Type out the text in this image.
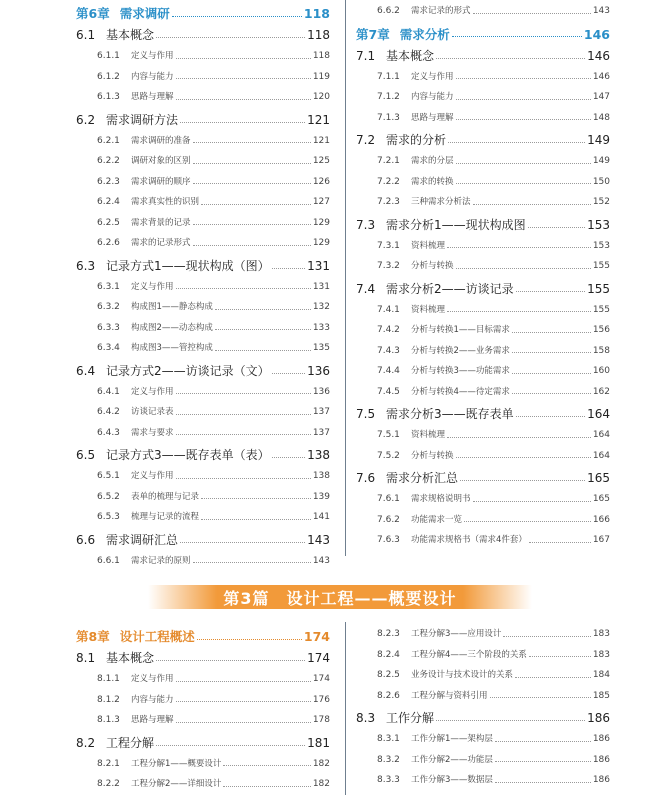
第6章 需求调研	118
6.1 基本概念	118
6.1.1	定义与作用	118
6.1.2	内容与能力	119
6.1.3	思路与理解	120
6.2 需求调研方法	121
6.2.1	需求调研的准备	121
6.2.2	调研对象的区别	125
6.2.3	需求调研的顺序	126
6.2.4	需求真实性的识别	127
6.2.5	需求背景的记录	129
6.2.6	需求的记录形式	129
6.3 记录方式1——现状构成（图）	131
6.3.1	定义与作用	131
6.3.2	构成图1——静态构成	132
6.3.3	构成图2——动态构成	133
6.3.4	构成图3——管控构成	135
6.4 记录方式2——访谈记录（文）	136
6.4.1	定义与作用	136
6.4.2	访谈记录表	137
6.4.3	需求与要求	137
6.5 记录方式3——既存表单（表）	138
6.5.1	定义与作用	138
6.5.2	表单的梳理与记录	139
6.5.3	梳理与记录的流程	141
6.6 需求调研汇总	143
6.6.1	需求记录的原则	143
6.6.2	需求记录的形式	143
第7章 需求分析	146
7.1 基本概念	146
7.1.1	定义与作用	146
7.1.2	内容与能力	147
7.1.3	思路与理解	148
7.2 需求的分析	149
7.2.1	需求的分层	149
7.2.2	需求的转换	150
7.2.3	三种需求分析法	152
7.3 需求分析1——现状构成图	153
7.3.1	资料梳理	153
7.3.2	分析与转换	155
7.4 需求分析2——访谈记录	155
7.4.1	资料梳理	155
7.4.2	分析与转换1——目标需求	156
7.4.3	分析与转换2——业务需求	158
7.4.4	分析与转换3——功能需求	160
7.4.5	分析与转换4——待定需求	162
7.5 需求分析3——既存表单	164
7.5.1	资料梳理	164
7.5.2	分析与转换	164
7.6 需求分析汇总	165
7.6.1	需求规格说明书	165
7.6.2	功能需求一览	166
7.6.3	功能需求规格书（需求4件套）	167
第3篇　设计工程——概要设计
第8章 设计工程概述	174
8.1 基本概念	174
8.1.1	定义与作用	174
8.1.2	内容与能力	176
8.1.3	思路与理解	178
8.2 工程分解	181
8.2.1	工程分解1——概要设计	182
8.2.2	工程分解2——详细设计	182
8.2.3	工程分解3——应用设计	183
8.2.4	工程分解4——三个阶段的关系	183
8.2.5	业务设计与技术设计的关系	184
8.2.6	工程分解与资料引用	185
8.3 工作分解	186
8.3.1	工作分解1——架构层	186
8.3.2	工作分解2——功能层	186
8.3.3	工作分解3——数据层	186
